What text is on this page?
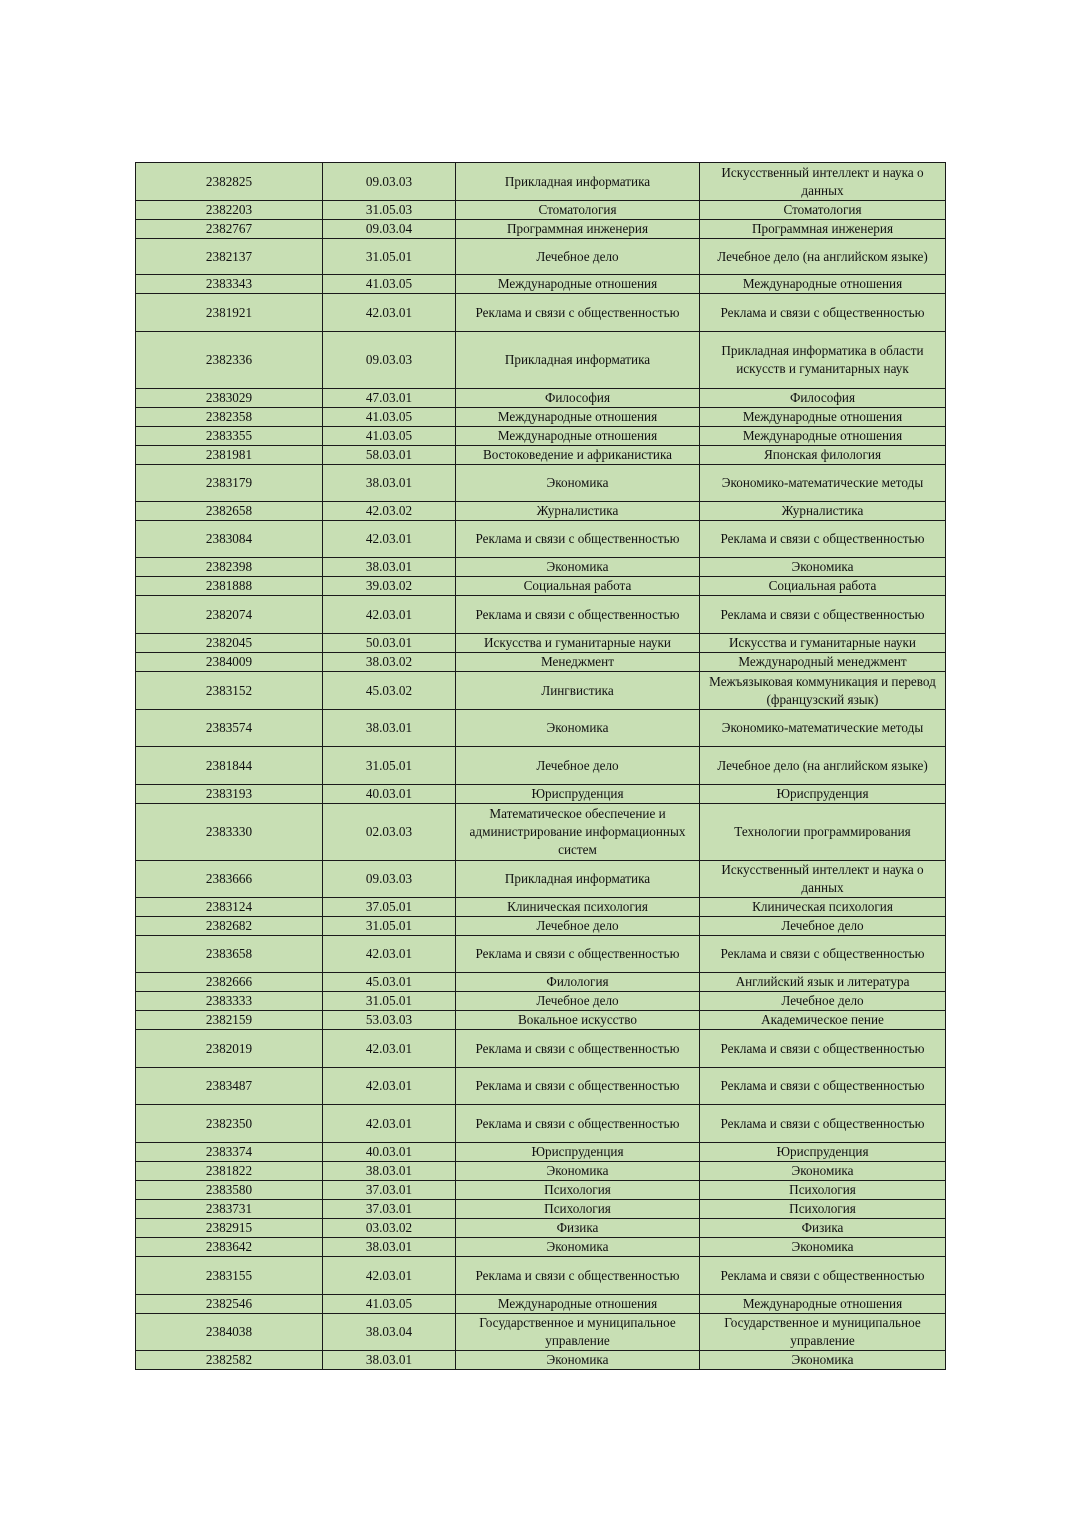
2382825	09.03.03	Прикладная информатика	Искусственный интеллект и наука о данных
2382203	31.05.03	Стоматология	Стоматология
2382767	09.03.04	Программная инженерия	Программная инженерия
2382137	31.05.01	Лечебное дело	Лечебное дело (на английском языке)
2383343	41.03.05	Международные отношения	Международные отношения
2381921	42.03.01	Реклама и связи с общественностью	Реклама и связи с общественностью
2382336	09.03.03	Прикладная информатика	Прикладная информатика в области искусств и гуманитарных наук
2383029	47.03.01	Философия	Философия
2382358	41.03.05	Международные отношения	Международные отношения
2383355	41.03.05	Международные отношения	Международные отношения
2381981	58.03.01	Востоковедение и африканистика	Японская филология
2383179	38.03.01	Экономика	Экономико-математические методы
2382658	42.03.02	Журналистика	Журналистика
2383084	42.03.01	Реклама и связи с общественностью	Реклама и связи с общественностью
2382398	38.03.01	Экономика	Экономика
2381888	39.03.02	Социальная работа	Социальная работа
2382074	42.03.01	Реклама и связи с общественностью	Реклама и связи с общественностью
2382045	50.03.01	Искусства и гуманитарные науки	Искусства и гуманитарные науки
2384009	38.03.02	Менеджмент	Международный менеджмент
2383152	45.03.02	Лингвистика	Межъязыковая коммуникация и перевод (французский язык)
2383574	38.03.01	Экономика	Экономико-математические методы
2381844	31.05.01	Лечебное дело	Лечебное дело (на английском языке)
2383193	40.03.01	Юриспруденция	Юриспруденция
2383330	02.03.03	Математическое обеспечение и администрирование информационных систем	Технологии программирования
2383666	09.03.03	Прикладная информатика	Искусственный интеллект и наука о данных
2383124	37.05.01	Клиническая психология	Клиническая психология
2382682	31.05.01	Лечебное дело	Лечебное дело
2383658	42.03.01	Реклама и связи с общественностью	Реклама и связи с общественностью
2382666	45.03.01	Филология	Английский язык и литература
2383333	31.05.01	Лечебное дело	Лечебное дело
2382159	53.03.03	Вокальное искусство	Академическое пение
2382019	42.03.01	Реклама и связи с общественностью	Реклама и связи с общественностью
2383487	42.03.01	Реклама и связи с общественностью	Реклама и связи с общественностью
2382350	42.03.01	Реклама и связи с общественностью	Реклама и связи с общественностью
2383374	40.03.01	Юриспруденция	Юриспруденция
2381822	38.03.01	Экономика	Экономика
2383580	37.03.01	Психология	Психология
2383731	37.03.01	Психология	Психология
2382915	03.03.02	Физика	Физика
2383642	38.03.01	Экономика	Экономика
2383155	42.03.01	Реклама и связи с общественностью	Реклама и связи с общественностью
2382546	41.03.05	Международные отношения	Международные отношения
2384038	38.03.04	Государственное и муниципальное управление	Государственное и муниципальное управление
2382582	38.03.01	Экономика	Экономика
